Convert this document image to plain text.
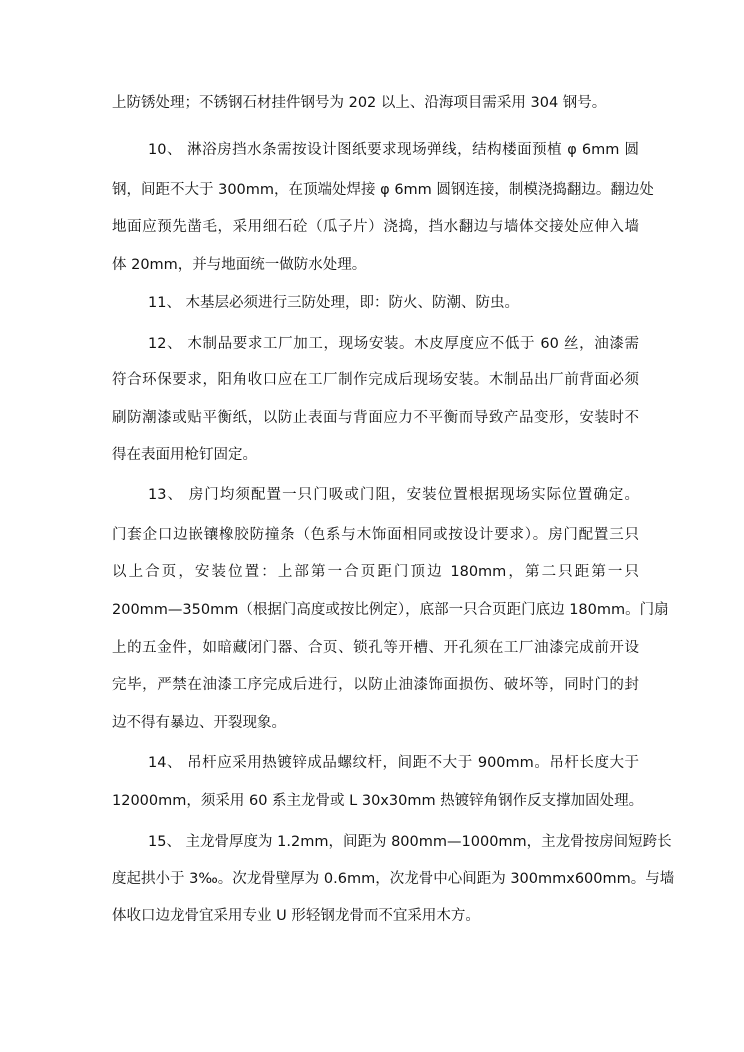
上防锈处理；不锈钢石材挂件钢号为 202 以上、沿海项目需采用 304 钢号。
10、 淋浴房挡水条需按设计图纸要求现场弹线，结构楼面预植 φ 6mm 圆
钢，间距不大于 300mm，在顶端处焊接 φ 6mm 圆钢连接，制模浇捣翻边。翻边处
地面应预先凿毛，采用细石砼（瓜子片）浇捣，挡水翻边与墙体交接处应伸入墙
体 20mm，并与地面统一做防水处理。
11、 木基层必须进行三防处理，即：防火、防潮、防虫。
12、 木制品要求工厂加工，现场安装。木皮厚度应不低于 60 丝，油漆需
符合环保要求，阳角收口应在工厂制作完成后现场安装。木制品出厂前背面必须
刷防潮漆或贴平衡纸，以防止表面与背面应力不平衡而导致产品变形，安装时不
得在表面用枪钉固定。
13、 房门均须配置一只门吸或门阻，安装位置根据现场实际位置确定。
门套企口边嵌镶橡胶防撞条（色系与木饰面相同或按设计要求）。房门配置三只
以上合页，安装位置：上部第一合页距门顶边 180mm，第二只距第一只
200mm—350mm（根据门高度或按比例定），底部一只合页距门底边 180mm。门扇
上的五金件，如暗藏闭门器、合页、锁孔等开槽、开孔须在工厂油漆完成前开设
完毕，严禁在油漆工序完成后进行，以防止油漆饰面损伤、破坏等，同时门的封
边不得有暴边、开裂现象。
14、 吊杆应采用热镀锌成品螺纹杆，间距不大于 900mm。吊杆长度大于
12000mm，须采用 60 系主龙骨或 L 30x30mm 热镀锌角钢作反支撑加固处理。
15、 主龙骨厚度为 1.2mm，间距为 800mm—1000mm，主龙骨按房间短跨长
度起拱小于 3‰。次龙骨壁厚为 0.6mm，次龙骨中心间距为 300mmx600mm。与墙
体收口边龙骨宜采用专业 U 形轻钢龙骨而不宜采用木方。
